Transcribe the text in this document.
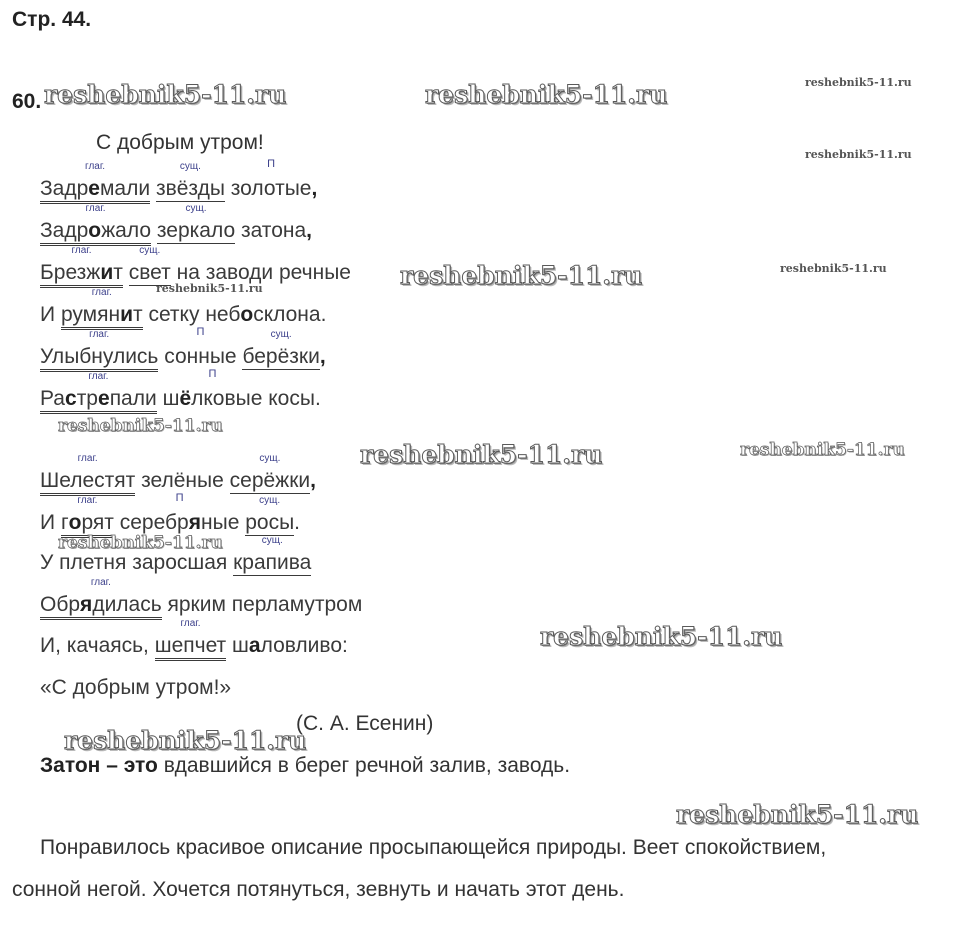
Стр. 44.
60.
С добрым утром!
Задремали
глаг.
звёзды
сущ.
золотые
П
,
Задрожало
глаг.
зеркало
сущ.
затона,
Брезжит
глаг.
свет
сущ.
на заводи речные
И румянит
глаг.
сетку небосклона.
Улыбнулись
глаг.
сонные
П
берёзки
сущ.
,
Растрепали
глаг.
шёлковые
П
косы.
Шелестят
глаг.
зелёные серёжки
сущ.
,
И горят
глаг.
серебряные
П
росы
сущ.
.
У плетня заросшая крапива
сущ.
Обрядилась
глаг.
ярким перламутром
И, качаясь, шепчет
глаг.
шаловливо:
«С добрым утром!»
(С. А. Есенин)
Затон – это вдавшийся в берег речной залив, заводь.
Понравилось красивое описание просыпающейся природы. Веет спокойствием,
сонной негой. Хочется потянуться, зевнуть и начать этот день.
reshebnik5-11.ru	reshebnik5-11.ru	reshebnik5-11.ru
reshebnik5-11.ru
reshebnik5-11.ru
reshebnik5-11.ru
reshebnik5-11.ru
reshebnik5-11.ru
reshebnik5-11.ru	reshebnik5-11.ru
reshebnik5-11.ru
reshebnik5-11.ru
reshebnik5-11.ru
reshebnik5-11.ru
